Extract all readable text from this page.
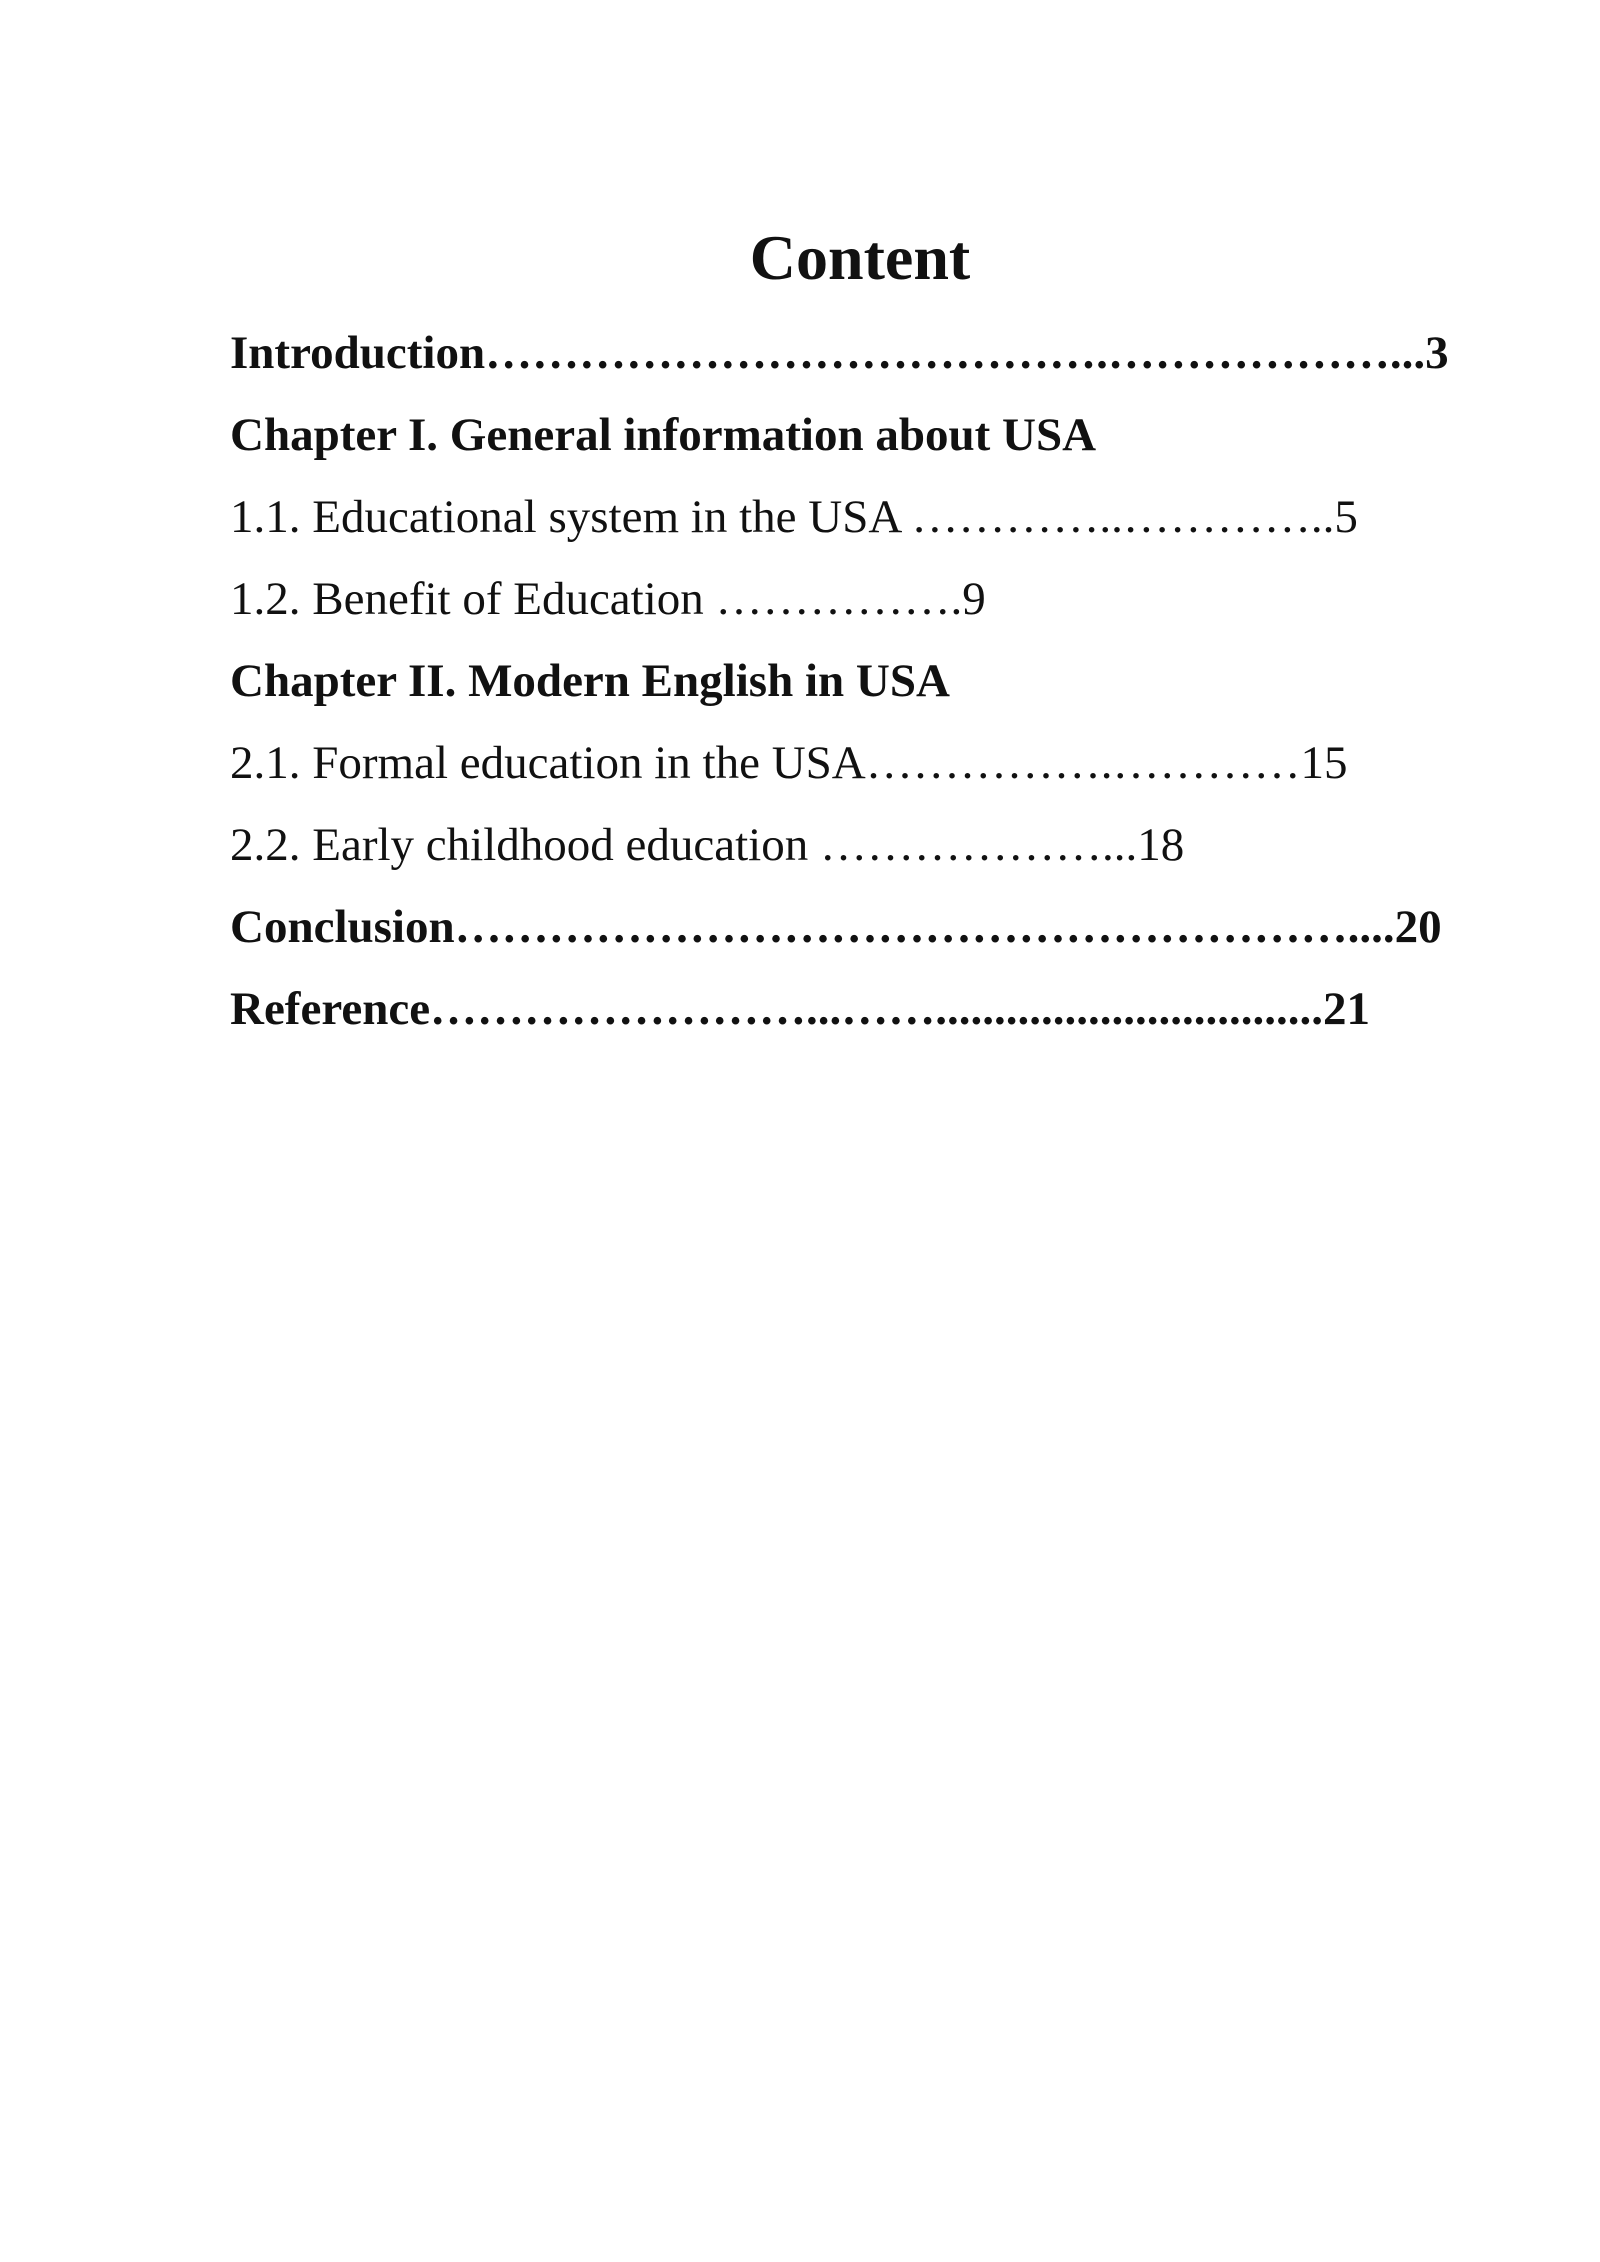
Content
Introduction………………………………….………………...3
Chapter I. General information about USA
1.1. Educational system in the USA …………..…………..5
1.2. Benefit of Education …………….9
Chapter II. Modern English in USA
2.1. Formal education in the USA…………….…………15
2.2. Early childhood education ………………...18
Conclusion…………………………………………………....20
Reference……………………...…….................................21
